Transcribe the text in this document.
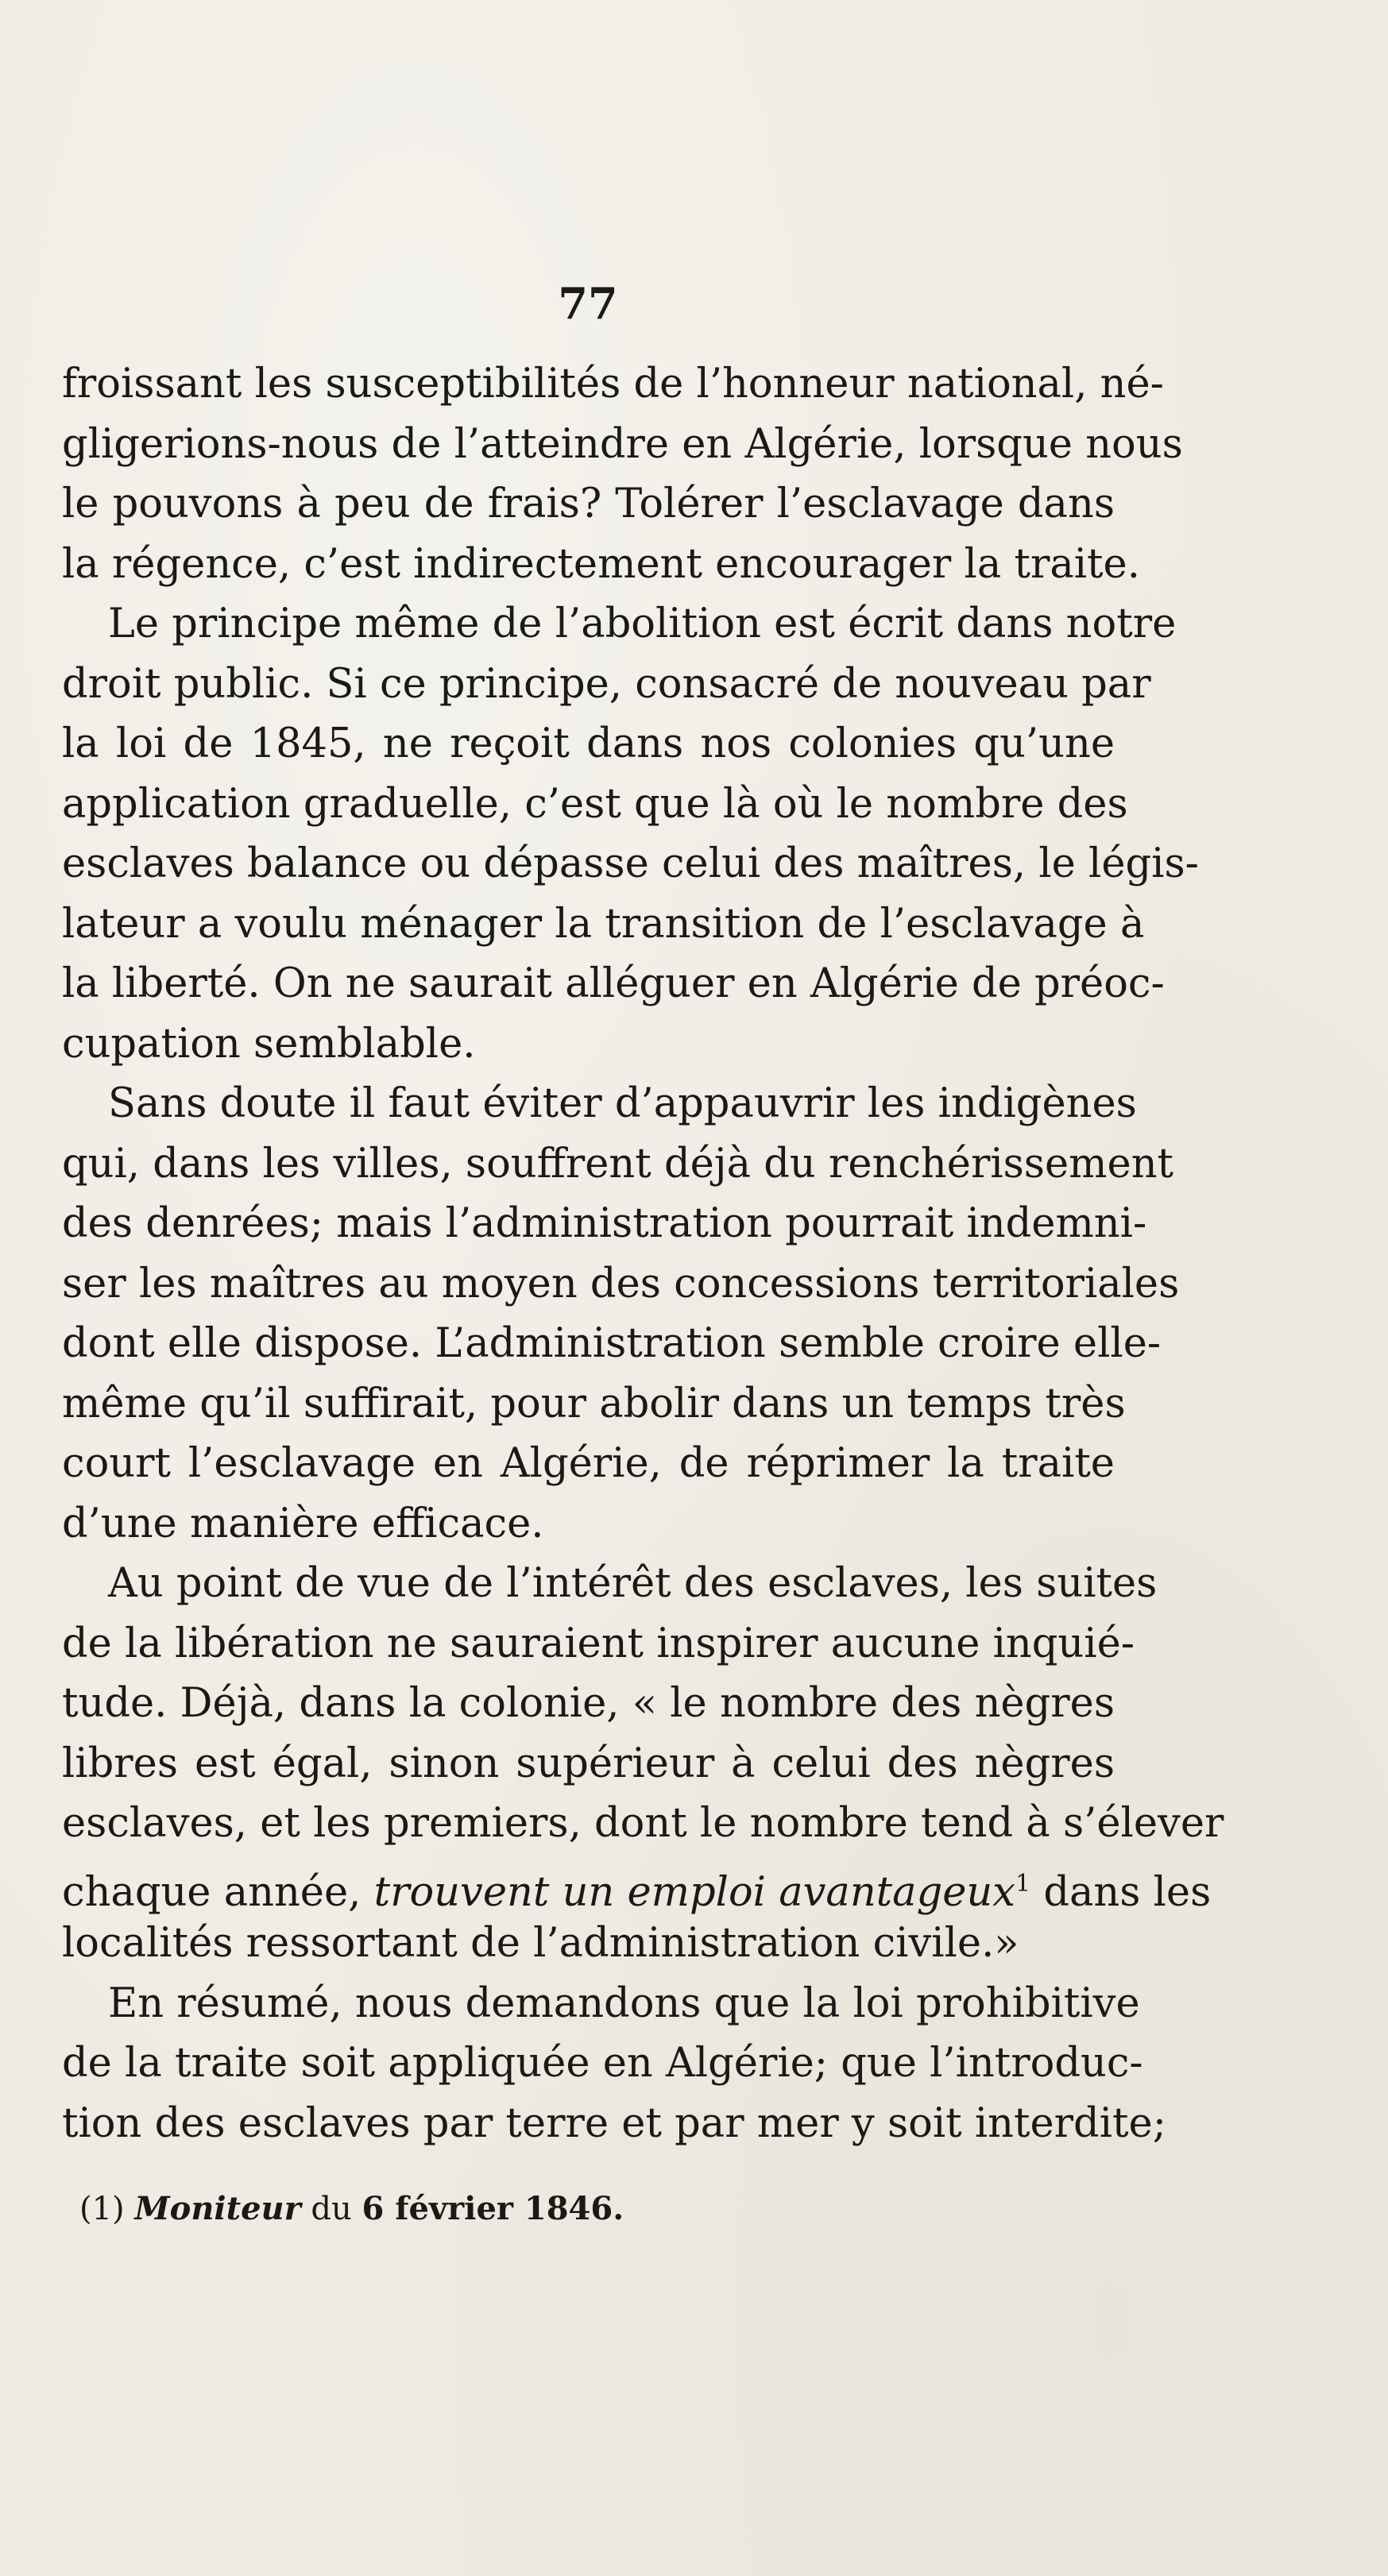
77
froissant les susceptibilités de l’honneur national, né-
gligerions-nous de l’atteindre en Algérie, lorsque nous
le pouvons à peu de frais? Tolérer l’esclavage dans
la régence, c’est indirectement encourager la traite.
Le principe même de l’abolition est écrit dans notre
droit public. Si ce principe, consacré de nouveau par
la loi de 1845, ne reçoit dans nos colonies qu’une
application graduelle, c’est que là où le nombre des
esclaves balance ou dépasse celui des maîtres, le légis-
lateur a voulu ménager la transition de l’esclavage à
la liberté. On ne saurait alléguer en Algérie de préoc-
cupation semblable.
Sans doute il faut éviter d’appauvrir les indigènes
qui, dans les villes, souffrent déjà du renchérissement
des denrées; mais l’administration pourrait indemni-
ser les maîtres au moyen des concessions territoriales
dont elle dispose. L’administration semble croire elle-
même qu’il suffirait, pour abolir dans un temps très
court l’esclavage en Algérie, de réprimer la traite
d’une manière efficace.
Au point de vue de l’intérêt des esclaves, les suites
de la libération ne sauraient inspirer aucune inquié-
tude. Déjà, dans la colonie, « le nombre des nègres
libres est égal, sinon supérieur à celui des nègres
esclaves, et les premiers, dont le nombre tend à s’élever
chaque année, trouvent un emploi avantageux$^1$ dans les
localités ressortant de l’administration civile.»
En résumé, nous demandons que la loi prohibitive
de la traite soit appliquée en Algérie; que l’introduc-
tion des esclaves par terre et par mer y soit interdite;
(1) Moniteur du 6 février 1846.
